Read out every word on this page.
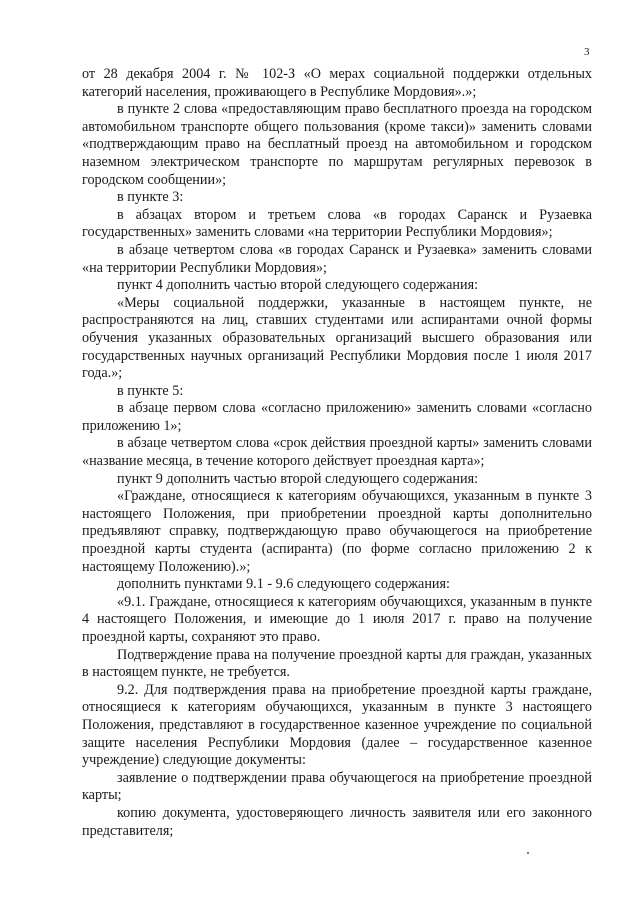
3

от 28 декабря 2004 г. № 102-З «О мерах социальной поддержки отдельных категорий населения, проживающего в Республике Мордовия».»;

в пункте 2 слова «предоставляющим право бесплатного проезда на городском автомобильном транспорте общего пользования (кроме такси)» заменить словами «подтверждающим право на бесплатный проезд на автомобильном и городском наземном электрическом транспорте по маршрутам регулярных перевозок в городском сообщении»;

в пункте 3:

в абзацах втором и третьем слова «в городах Саранск и Рузаевка государственных» заменить словами «на территории Республики Мордовия»;

в абзаце четвертом слова «в городах Саранск и Рузаевка» заменить словами «на территории Республики Мордовия»;

пункт 4 дополнить частью второй следующего содержания:

«Меры социальной поддержки, указанные в настоящем пункте, не распространяются на лиц, ставших студентами или аспирантами очной формы обучения указанных образовательных организаций высшего образования или государственных научных организаций Республики Мордовия после 1 июля 2017 года.»;

в пункте 5:

в абзаце первом слова «согласно приложению» заменить словами «согласно приложению 1»;

в абзаце четвертом слова «срок действия проездной карты» заменить словами «название месяца, в течение которого действует проездная карта»;

пункт 9 дополнить частью второй следующего содержания:

«Граждане, относящиеся к категориям обучающихся, указанным в пункте 3 настоящего Положения, при приобретении проездной карты дополнительно предъявляют справку, подтверждающую право обучающегося на приобретение проездной карты студента (аспиранта) (по форме согласно приложению 2 к настоящему Положению).»;

дополнить пунктами 9.1 - 9.6 следующего содержания:

«9.1. Граждане, относящиеся к категориям обучающихся, указанным в пункте 4 настоящего Положения, и имеющие до 1 июля 2017 г. право на получение проездной карты, сохраняют это право.

Подтверждение права на получение проездной карты для граждан, указанных в настоящем пункте, не требуется.

9.2. Для подтверждения права на приобретение проездной карты граждане, относящиеся к категориям обучающихся, указанным в пункте 3 настоящего Положения, представляют в государственное казенное учреждение по социальной защите населения Республики Мордовия (далее – государственное казенное учреждение) следующие документы:

заявление о подтверждении права обучающегося на приобретение проездной карты;

копию документа, удостоверяющего личность заявителя или его законного представителя;
